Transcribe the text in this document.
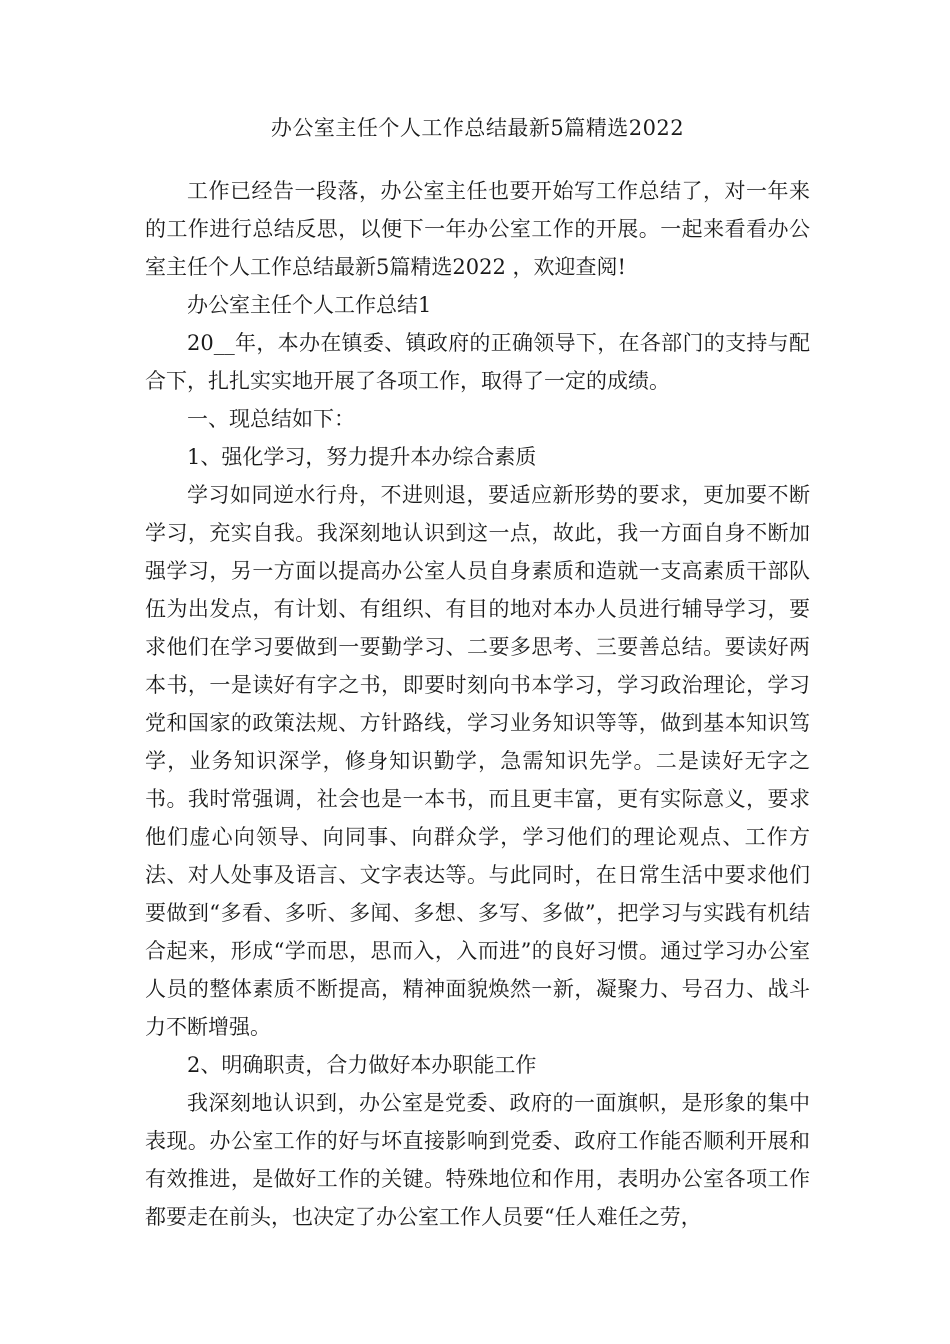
办公室主任个人工作总结最新5篇精选2022

工作已经告一段落，办公室主任也要开始写工作总结了，对一年来的工作进行总结反思，以便下一年办公室工作的开展。一起来看看办公室主任个人工作总结最新5篇精选2022 ，欢迎查阅!

办公室主任个人工作总结1

20__年，本办在镇委、镇政府的正确领导下，在各部门的支持与配合下，扎扎实实地开展了各项工作，取得了一定的成绩。

一、现总结如下：

1、强化学习，努力提升本办综合素质

学习如同逆水行舟，不进则退，要适应新形势的要求，更加要不断学习，充实自我。我深刻地认识到这一点，故此，我一方面自身不断加强学习，另一方面以提高办公室人员自身素质和造就一支高素质干部队伍为出发点，有计划、有组织、有目的地对本办人员进行辅导学习，要求他们在学习要做到一要勤学习、二要多思考、三要善总结。要读好两本书，一是读好有字之书，即要时刻向书本学习，学习政治理论，学习党和国家的政策法规、方针路线，学习业务知识等等，做到基本知识笃学，业务知识深学，修身知识勤学，急需知识先学。二是读好无字之书。我时常强调，社会也是一本书，而且更丰富，更有实际意义，要求他们虚心向领导、向同事、向群众学，学习他们的理论观点、工作方法、对人处事及语言、文字表达等。与此同时，在日常生活中要求他们要做到“多看、多听、多闻、多想、多写、多做”，把学习与实践有机结合起来，形成“学而思，思而入，入而进”的良好习惯。通过学习办公室人员的整体素质不断提高，精神面貌焕然一新，凝聚力、号召力、战斗力不断增强。

2、明确职责，合力做好本办职能工作

我深刻地认识到，办公室是党委、政府的一面旗帜，是形象的集中表现。办公室工作的好与坏直接影响到党委、政府工作能否顺利开展和有效推进，是做好工作的关键。特殊地位和作用，表明办公室各项工作都要走在前头，也决定了办公室工作人员要“任人难任之劳，
